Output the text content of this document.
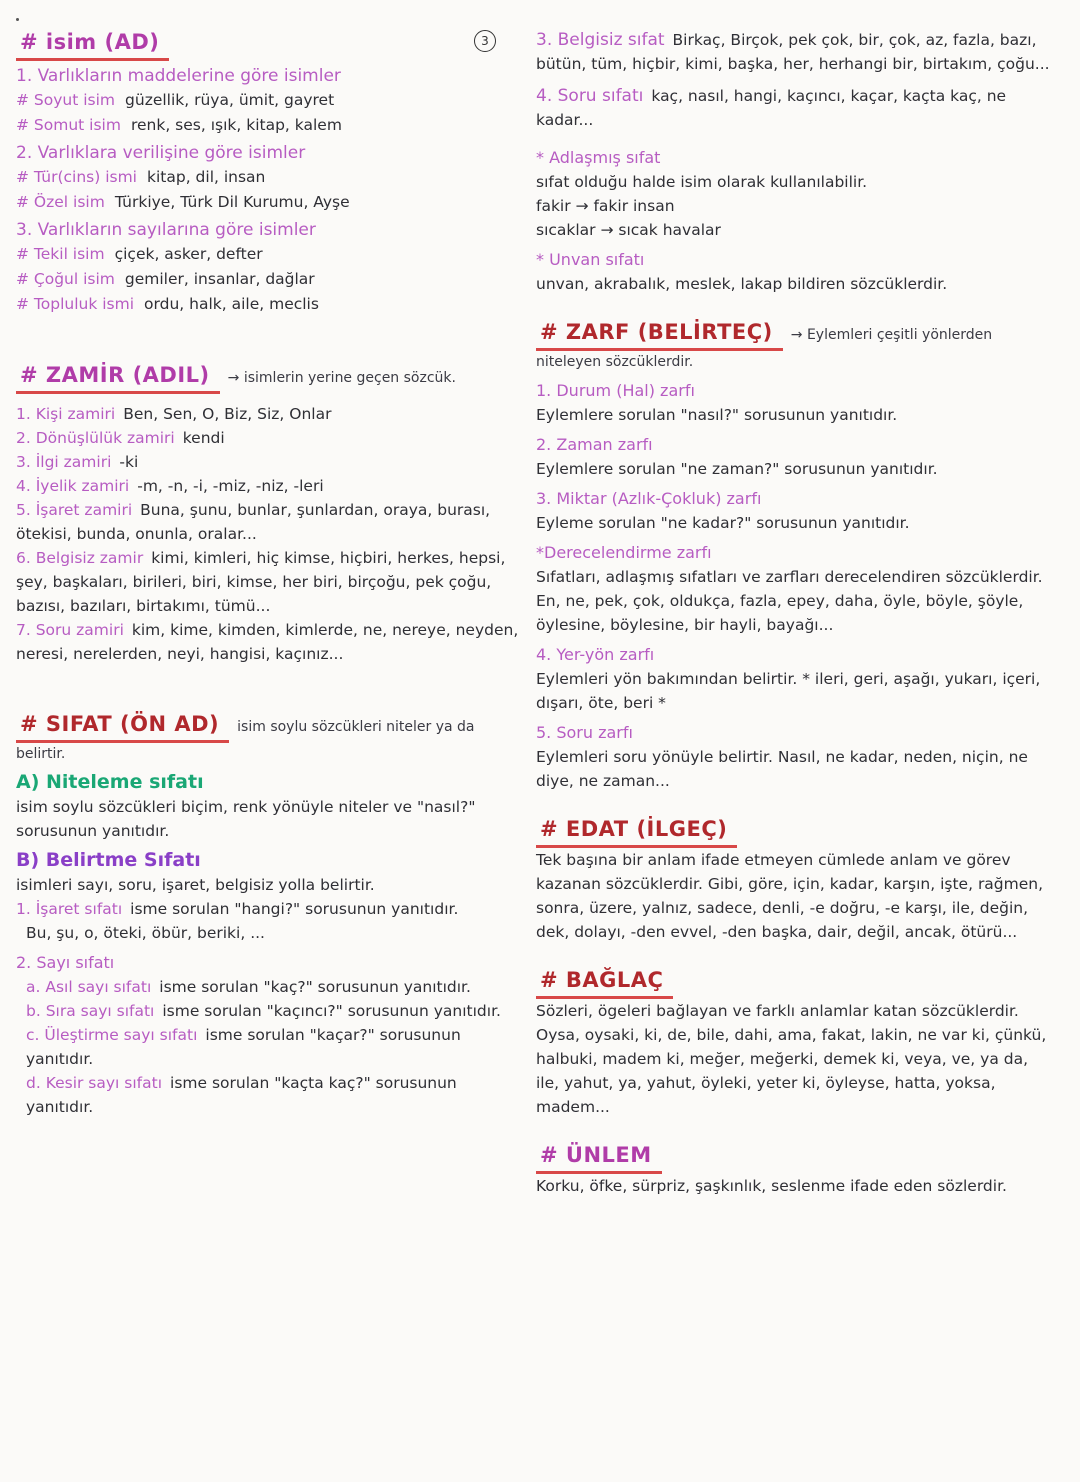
3
# isim (AD)
1. Varlıkların maddelerine göre isimler
# Soyut isim güzellik, rüya, ümit, gayret
# Somut isim renk, ses, ışık, kitap, kalem
2. Varlıklara verilişine göre isimler
# Tür(cins) ismi kitap, dil, insan
# Özel isim Türkiye, Türk Dil Kurumu, Ayşe
3. Varlıkların sayılarına göre isimler
# Tekil isim çiçek, asker, defter
# Çoğul isim gemiler, insanlar, dağlar
# Topluluk ismi ordu, halk, aile, meclis
# ZAMİR (ADIL) → isimlerin yerine geçen sözcük.
1. Kişi zamiri Ben, Sen, O, Biz, Siz, Onlar
2. Dönüşlülük zamiri kendi
3. İlgi zamiri -ki
4. İyelik zamiri -m, -n, -i, -miz, -niz, -leri
5. İşaret zamiri Buna, şunu, bunlar, şunlardan, oraya, burası, ötekisi, bunda, onunla, oralar...
6. Belgisiz zamir kimi, kimleri, hiç kimse, hiçbiri, herkes, hepsi, şey, başkaları, birileri, biri, kimse, her biri, birçoğu, pek çoğu, bazısı, bazıları, birtakımı, tümü...
7. Soru zamiri kim, kime, kimden, kimlerde, ne, nereye, neyden, neresi, nerelerden, neyi, hangisi, kaçınız...
# SIFAT (ÖN AD) isim soylu sözcükleri niteler ya da belirtir.
A) Niteleme sıfatı
isim soylu sözcükleri biçim, renk yönüyle niteler ve "nasıl?" sorusunun yanıtıdır.
B) Belirtme Sıfatı
isimleri sayı, soru, işaret, belgisiz yolla belirtir.
1. İşaret sıfatı isme sorulan "hangi?" sorusunun yanıtıdır.
Bu, şu, o, öteki, öbür, beriki, ...
2. Sayı sıfatı
a. Asıl sayı sıfatı isme sorulan "kaç?" sorusunun yanıtıdır.
b. Sıra sayı sıfatı isme sorulan "kaçıncı?" sorusunun yanıtıdır.
c. Üleştirme sayı sıfatı isme sorulan "kaçar?" sorusunun yanıtıdır.
d. Kesir sayı sıfatı isme sorulan "kaçta kaç?" sorusunun yanıtıdır.
3. Belgisiz sıfat Birkaç, Birçok, pek çok, bir, çok, az, fazla, bazı, bütün, tüm, hiçbir, kimi, başka, her, herhangi bir, birtakım, çoğu...
4. Soru sıfatı kaç, nasıl, hangi, kaçıncı, kaçar, kaçta kaç, ne kadar...
* Adlaşmış sıfat
sıfat olduğu halde isim olarak kullanılabilir.
fakir → fakir insan
sıcaklar → sıcak havalar
* Unvan sıfatı
unvan, akrabalık, meslek, lakap bildiren sözcüklerdir.
# ZARF (BELİRTEÇ) → Eylemleri çeşitli yönlerden niteleyen sözcüklerdir.
1. Durum (Hal) zarfı
Eylemlere sorulan "nasıl?" sorusunun yanıtıdır.
2. Zaman zarfı
Eylemlere sorulan "ne zaman?" sorusunun yanıtıdır.
3. Miktar (Azlık-Çokluk) zarfı
Eyleme sorulan "ne kadar?" sorusunun yanıtıdır.
*Derecelendirme zarfı
Sıfatları, adlaşmış sıfatları ve zarfları derecelendiren sözcüklerdir. En, ne, pek, çok, oldukça, fazla, epey, daha, öyle, böyle, şöyle, öylesine, böylesine, bir hayli, bayağı...
4. Yer-yön zarfı
Eylemleri yön bakımından belirtir. * ileri, geri, aşağı, yukarı, içeri, dışarı, öte, beri *
5. Soru zarfı
Eylemleri soru yönüyle belirtir. Nasıl, ne kadar, neden, niçin, ne diye, ne zaman...
# EDAT (İLGEÇ)
Tek başına bir anlam ifade etmeyen cümlede anlam ve görev kazanan sözcüklerdir. Gibi, göre, için, kadar, karşın, işte, rağmen, sonra, üzere, yalnız, sadece, denli, -e doğru, -e karşı, ile, değin, dek, dolayı, -den evvel, -den başka, dair, değil, ancak, ötürü...
# BAĞLAÇ
Sözleri, ögeleri bağlayan ve farklı anlamlar katan sözcüklerdir. Oysa, oysaki, ki, de, bile, dahi, ama, fakat, lakin, ne var ki, çünkü, halbuki, madem ki, meğer, meğerki, demek ki, veya, ve, ya da, ile, yahut, ya, yahut, öyleki, yeter ki, öyleyse, hatta, yoksa, madem...
# ÜNLEM
Korku, öfke, sürpriz, şaşkınlık, seslenme ifade eden sözlerdir.
